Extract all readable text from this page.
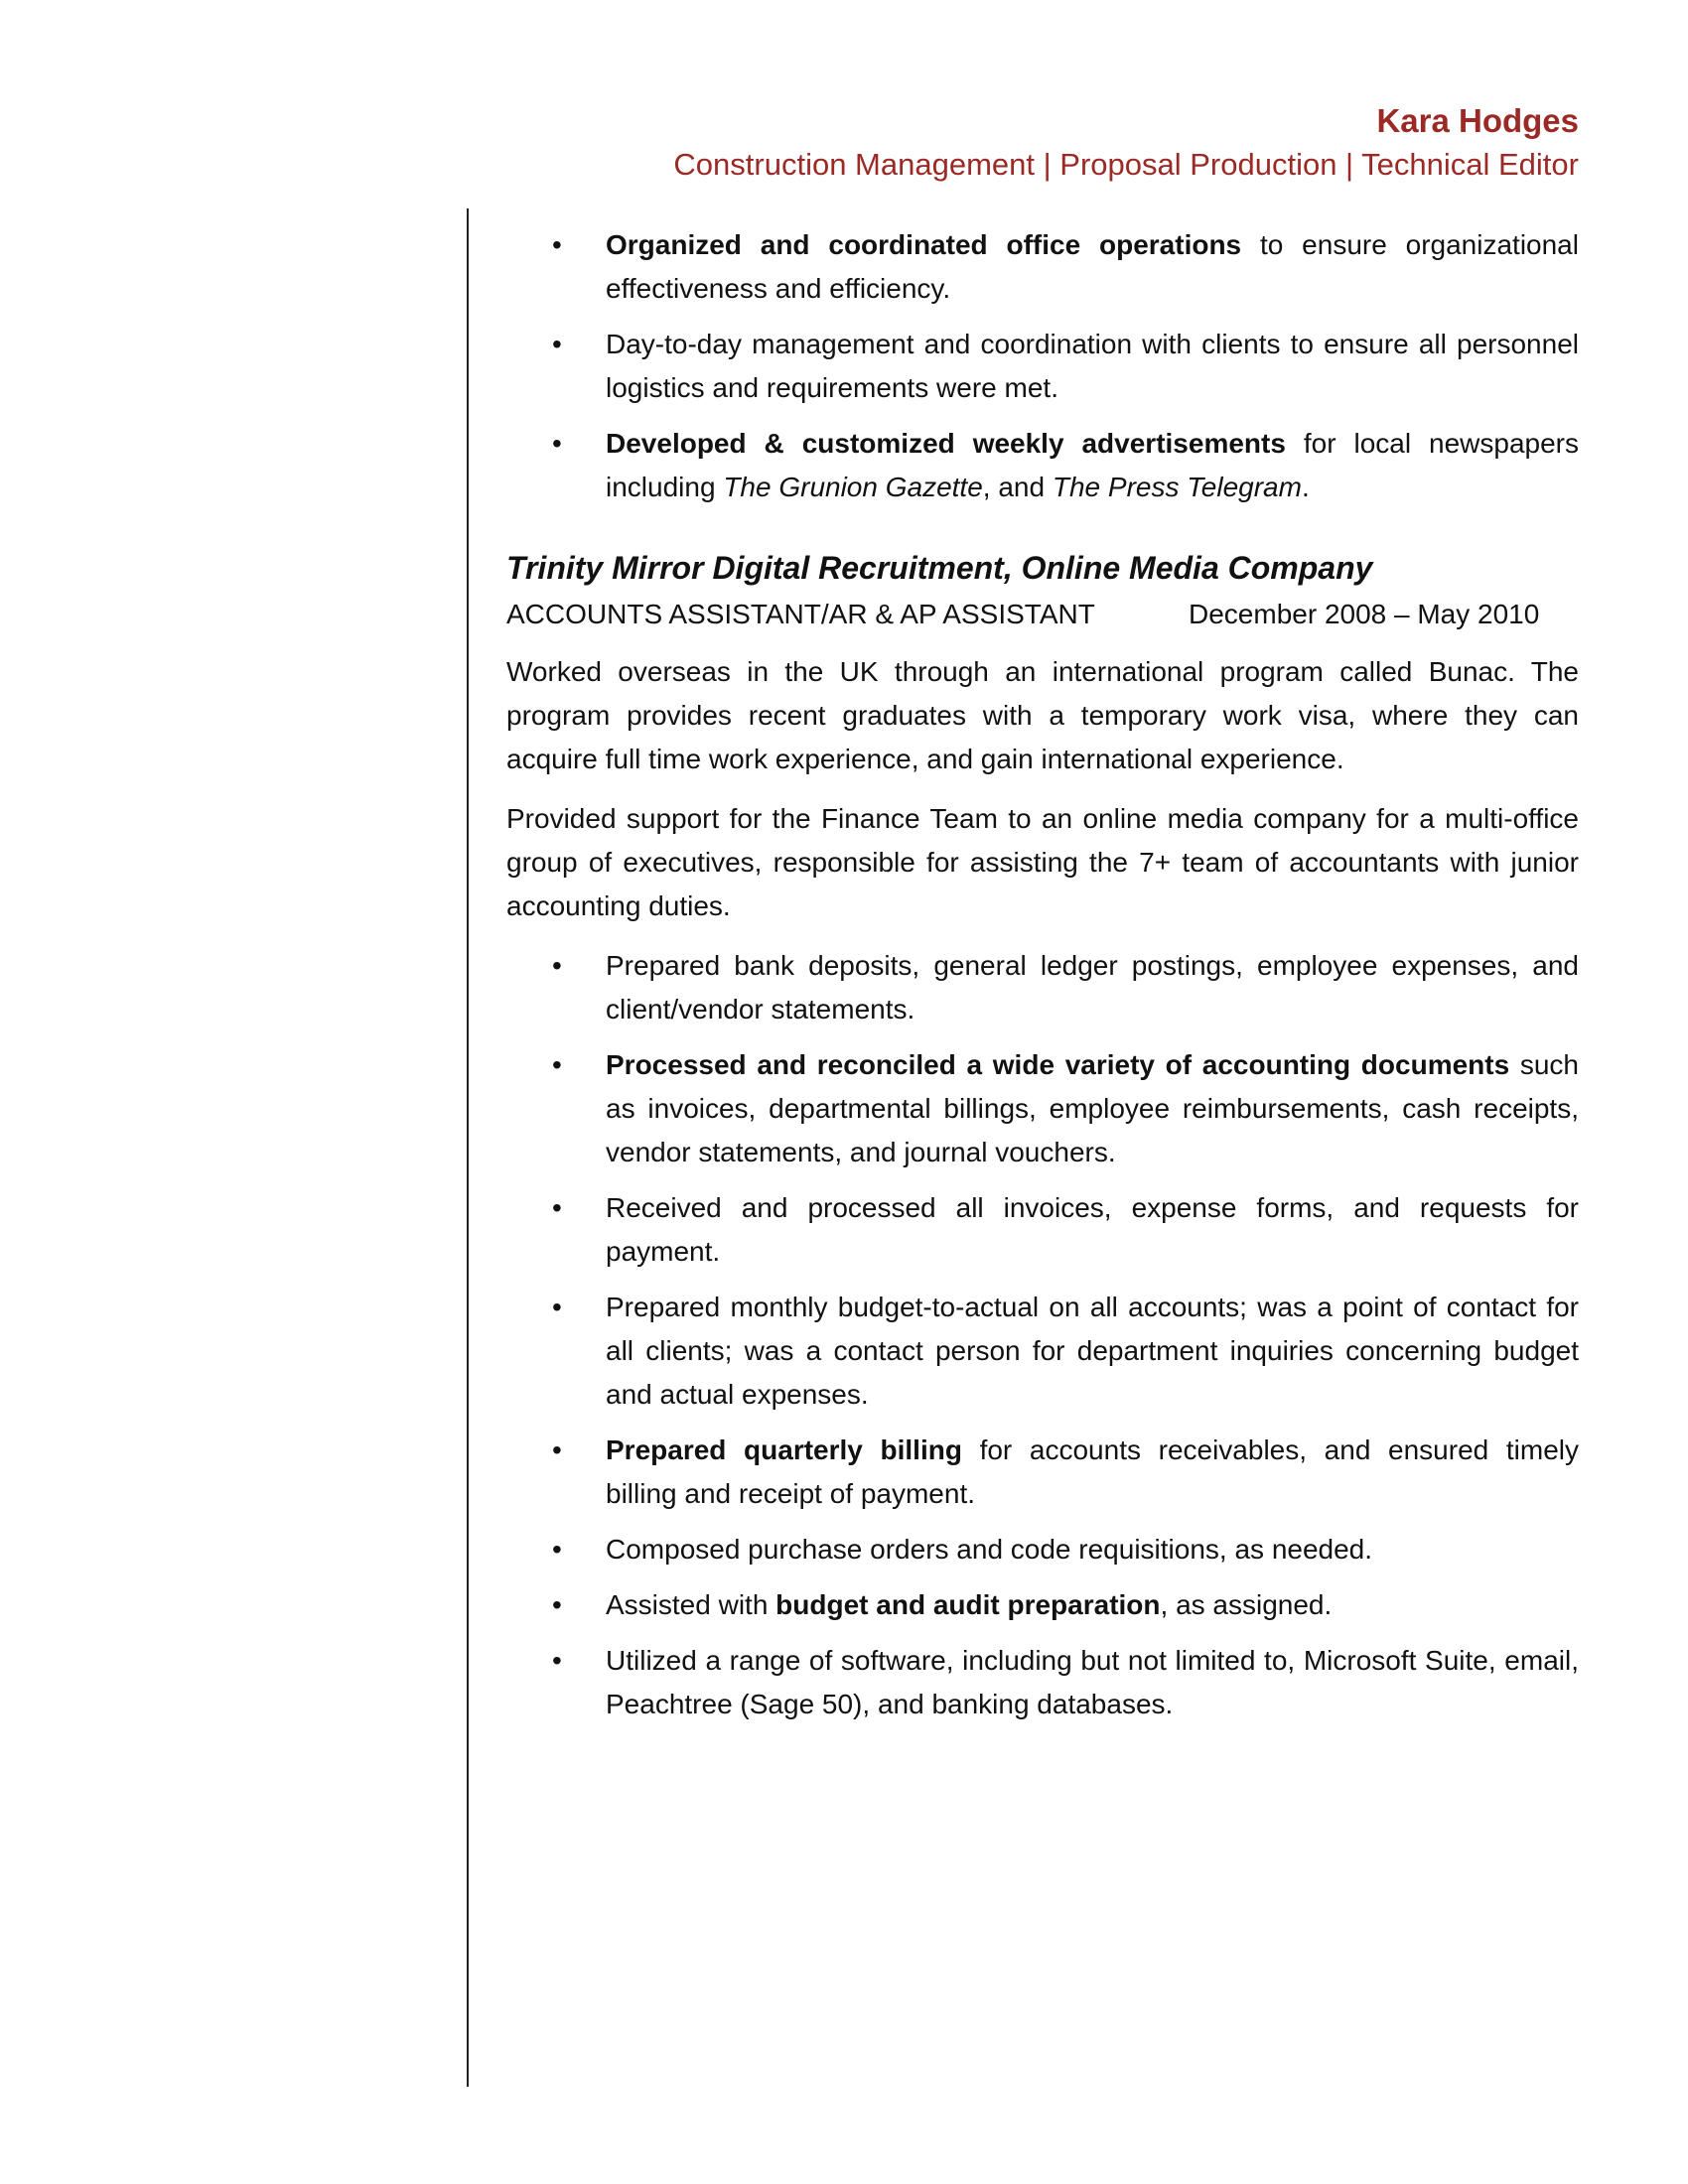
Kara Hodges
Construction Management | Proposal Production | Technical Editor
• Organized and coordinated office operations to ensure organizational effectiveness and efficiency.
• Day-to-day management and coordination with clients to ensure all personnel logistics and requirements were met.
• Developed & customized weekly advertisements for local newspapers including The Grunion Gazette, and The Press Telegram.
Trinity Mirror Digital Recruitment, Online Media Company
ACCOUNTS ASSISTANT/AR & AP ASSISTANT	December 2008 – May 2010

Worked overseas in the UK through an international program called Bunac. The program provides recent graduates with a temporary work visa, where they can acquire full time work experience, and gain international experience.

Provided support for the Finance Team to an online media company for a multi-office group of executives, responsible for assisting the 7+ team of accountants with junior accounting duties.

• Prepared bank deposits, general ledger postings, employee expenses, and client/vendor statements.
• Processed and reconciled a wide variety of accounting documents such as invoices, departmental billings, employee reimbursements, cash receipts, vendor statements, and journal vouchers.
• Received and processed all invoices, expense forms, and requests for payment.
• Prepared monthly budget-to-actual on all accounts; was a point of contact for all clients; was a contact person for department inquiries concerning budget and actual expenses.
• Prepared quarterly billing for accounts receivables, and ensured timely billing and receipt of payment.
• Composed purchase orders and code requisitions, as needed.
• Assisted with budget and audit preparation, as assigned.
• Utilized a range of software, including but not limited to, Microsoft Suite, email, Peachtree (Sage 50), and banking databases.
